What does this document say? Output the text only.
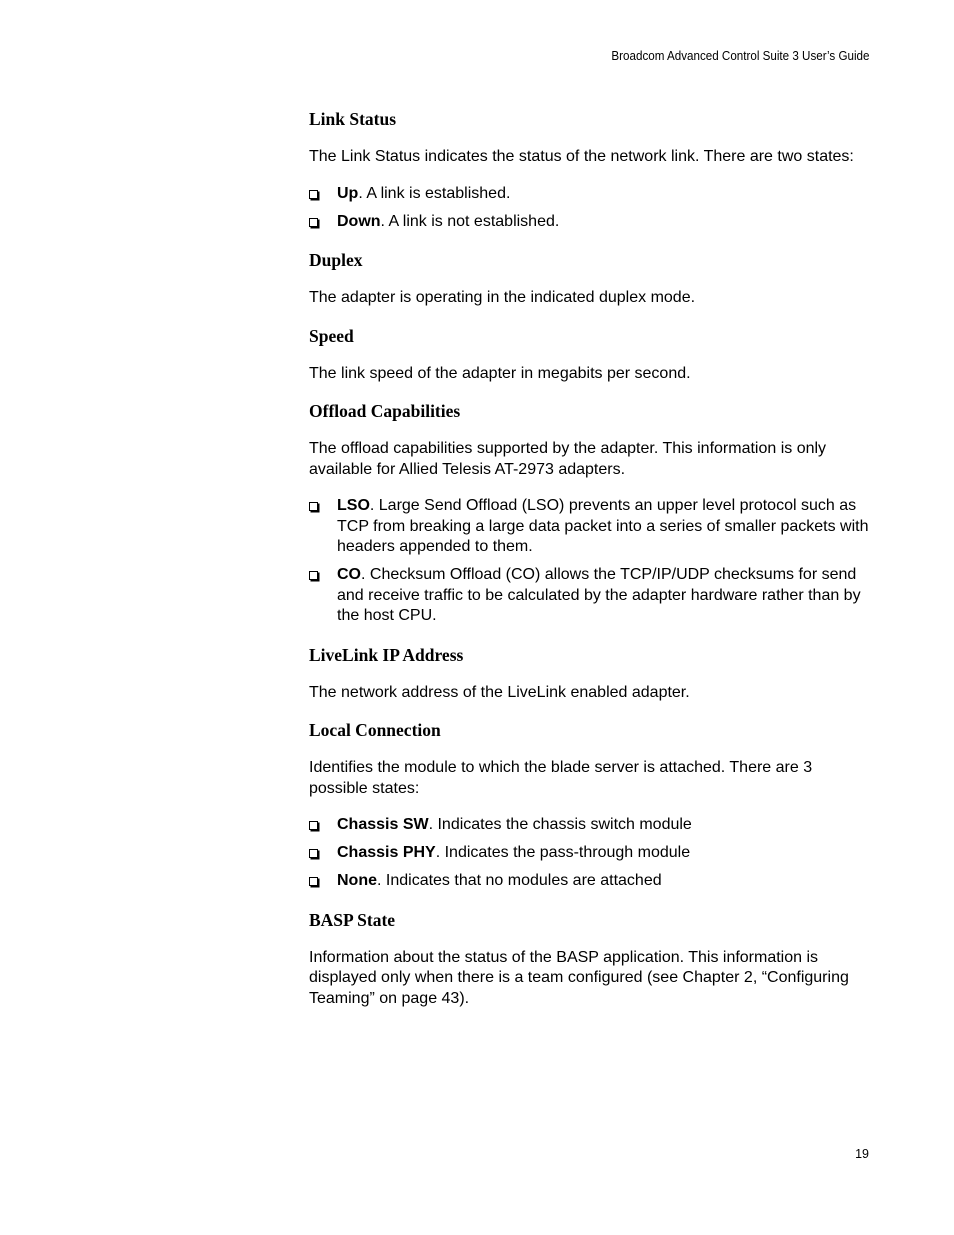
Broadcom Advanced Control Suite 3 User’s Guide
Link Status

The Link Status indicates the status of the network link. There are two states:

Up. A link is established.
Down. A link is not established.
Duplex

The adapter is operating in the indicated duplex mode.

Speed

The link speed of the adapter in megabits per second.

Offload Capabilities

The offload capabilities supported by the adapter. This information is only available for Allied Telesis AT-2973 adapters.

LSO. Large Send Offload (LSO) prevents an upper level protocol such as TCP from breaking a large data packet into a series of smaller packets with headers appended to them.
CO. Checksum Offload (CO) allows the TCP/IP/UDP checksums for send and receive traffic to be calculated by the adapter hardware rather than by the host CPU.
LiveLink IP Address

The network address of the LiveLink enabled adapter.

Local Connection

Identifies the module to which the blade server is attached. There are 3 possible states:

Chassis SW. Indicates the chassis switch module
Chassis PHY. Indicates the pass-through module
None. Indicates that no modules are attached
BASP State

Information about the status of the BASP application. This information is displayed only when there is a team configured (see Chapter 2, “Configuring Teaming” on page 43).

19
